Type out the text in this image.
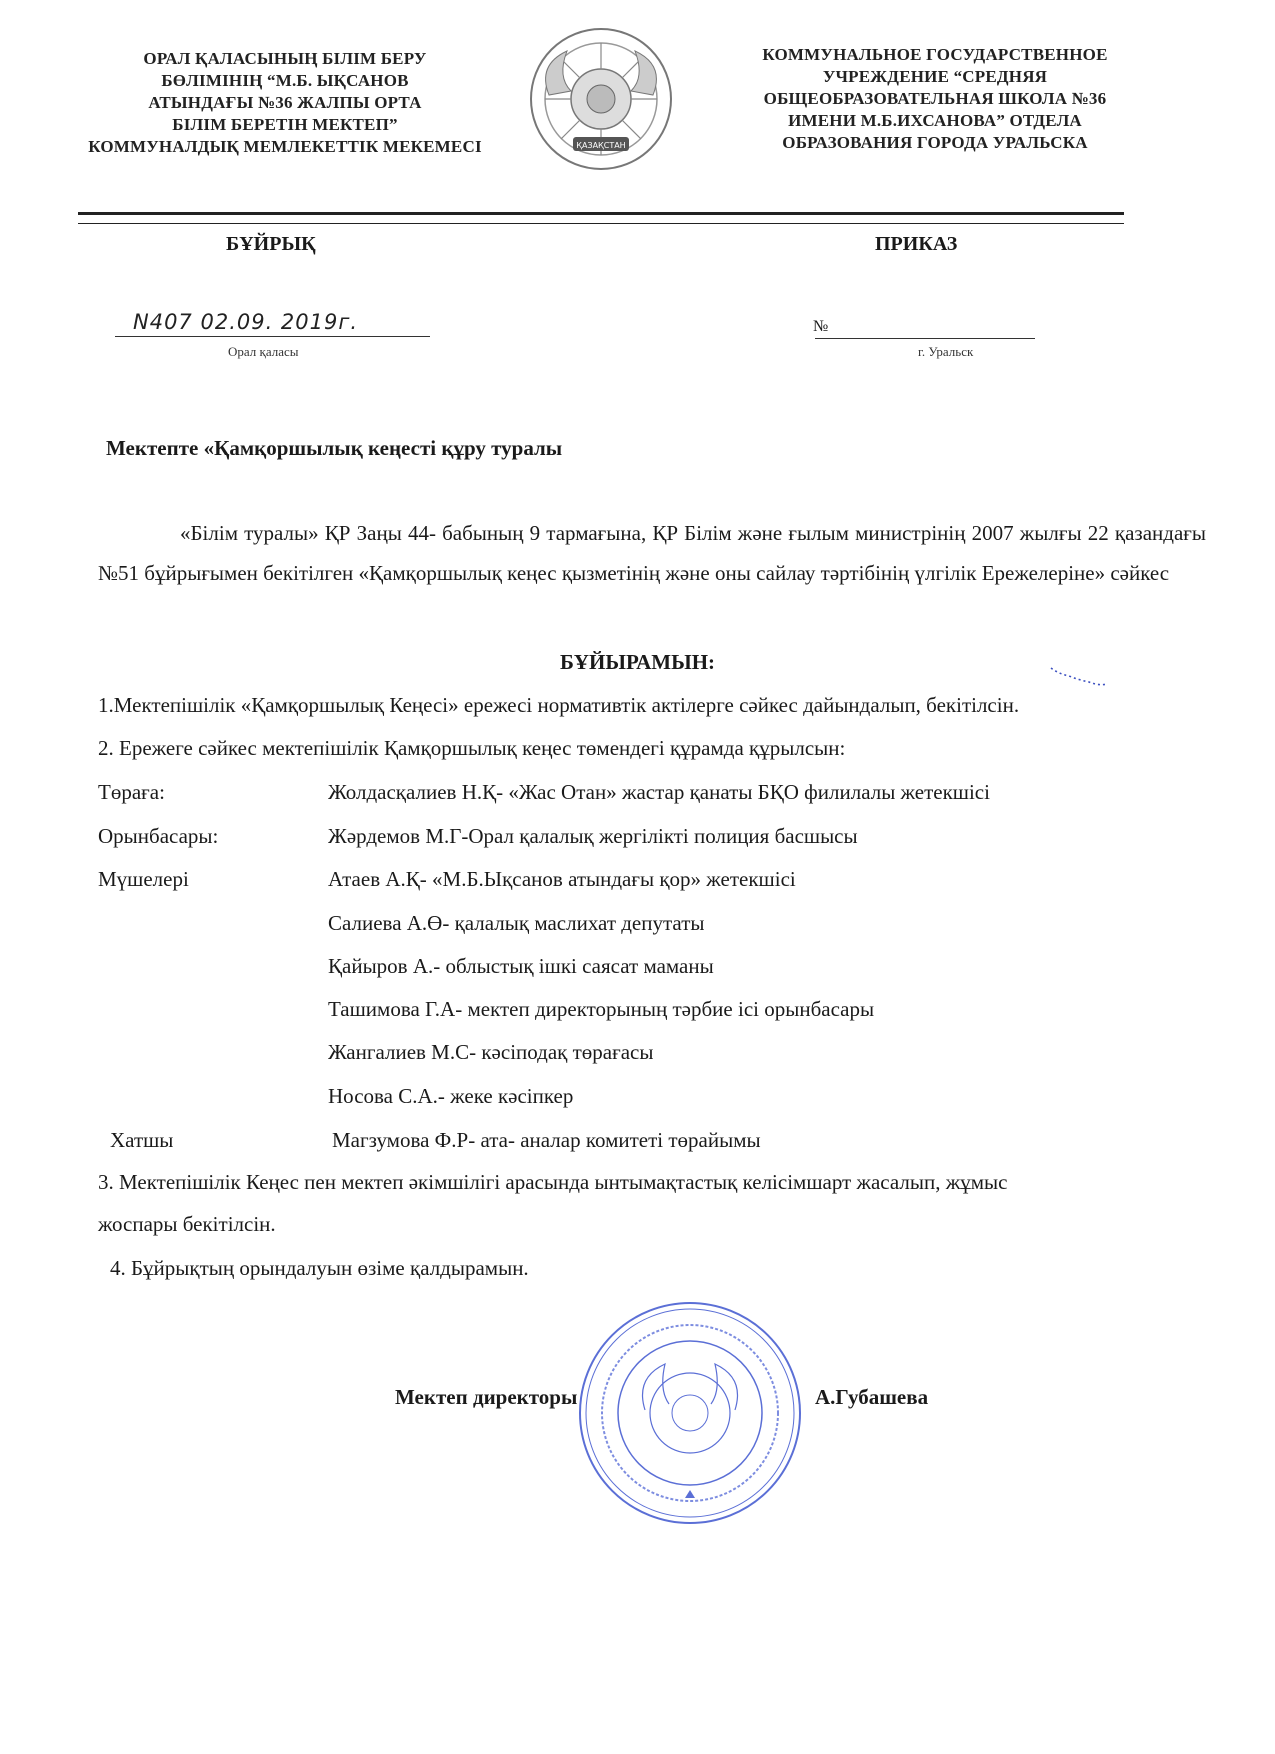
ОРАЛ ҚАЛАСЫНЫҢ БІЛІМ БЕРУ
БӨЛІМІНІҢ “М.Б. ЫҚСАНОВ
АТЫНДАҒЫ №36 ЖАЛПЫ ОРТА
БІЛІМ БЕРЕТІН МЕКТЕП”
КОММУНАЛДЫҚ МЕМЛЕКЕТТІК МЕКЕМЕСІ	ҚАЗАҚСТАН
КОММУНАЛЬНОЕ ГОСУДАРСТВЕННОЕ
УЧРЕЖДЕНИЕ “СРЕДНЯЯ
ОБЩЕОБРАЗОВАТЕЛЬНАЯ ШКОЛА №36
ИМЕНИ М.Б.ИХСАНОВА” ОТДЕЛА
ОБРАЗОВАНИЯ ГОРОДА УРАЛЬСКА
БҰЙРЫҚ	ПРИКАЗ
N407 02.09. 2019г.
Орал қаласы
№
г. Уральск
Мектепте «Қамқоршылық кеңесті құру туралы
«Білім туралы» ҚР Заңы 44- бабының 9 тармағына, ҚР Білім және ғылым министрінің 2007 жылғы 22 қазандағы №51 бұйрығымен бекітілген «Қамқоршылық кеңес қызметінің және оны сайлау тәртібінің үлгілік Ережелеріне» сәйкес
БҰЙЫРАМЫН:
1.Мектепішілік «Қамқоршылық Кеңесі» ережесі нормативтік актілерге сәйкес дайындалып, бекітілсін.
2. Ережеге сәйкес мектепішілік Қамқоршылық кеңес төмендегі құрамда құрылсын:
Төраға:	Жолдасқалиев Н.Қ- «Жас Отан» жастар қанаты БҚО филилалы жетекшісі
Орынбасары:	Жәрдемов М.Г-Орал қалалық жергілікті полиция басшысы
Мүшелері	Атаев А.Қ- «М.Б.Ықсанов атындағы қор» жетекшісі
Салиева А.Ө- қалалық маслихат депутаты
Қайыров А.- облыстық ішкі саясат маманы
Ташимова Г.А- мектеп директорының тәрбие ісі орынбасары
Жангалиев М.С- кәсіподақ төрағасы
Носова С.А.- жеке кәсіпкер
Хатшы	Магзумова Ф.Р- ата- аналар комитеті төрайымы
3. Мектепішілік Кеңес пен мектеп әкімшілігі арасында ынтымақтастық келісімшарт жасалып, жұмыс
жоспары бекітілсін.
4. Бұйрықтың орындалуын өзіме қалдырамын.
Мектеп директоры	А.Губашева
